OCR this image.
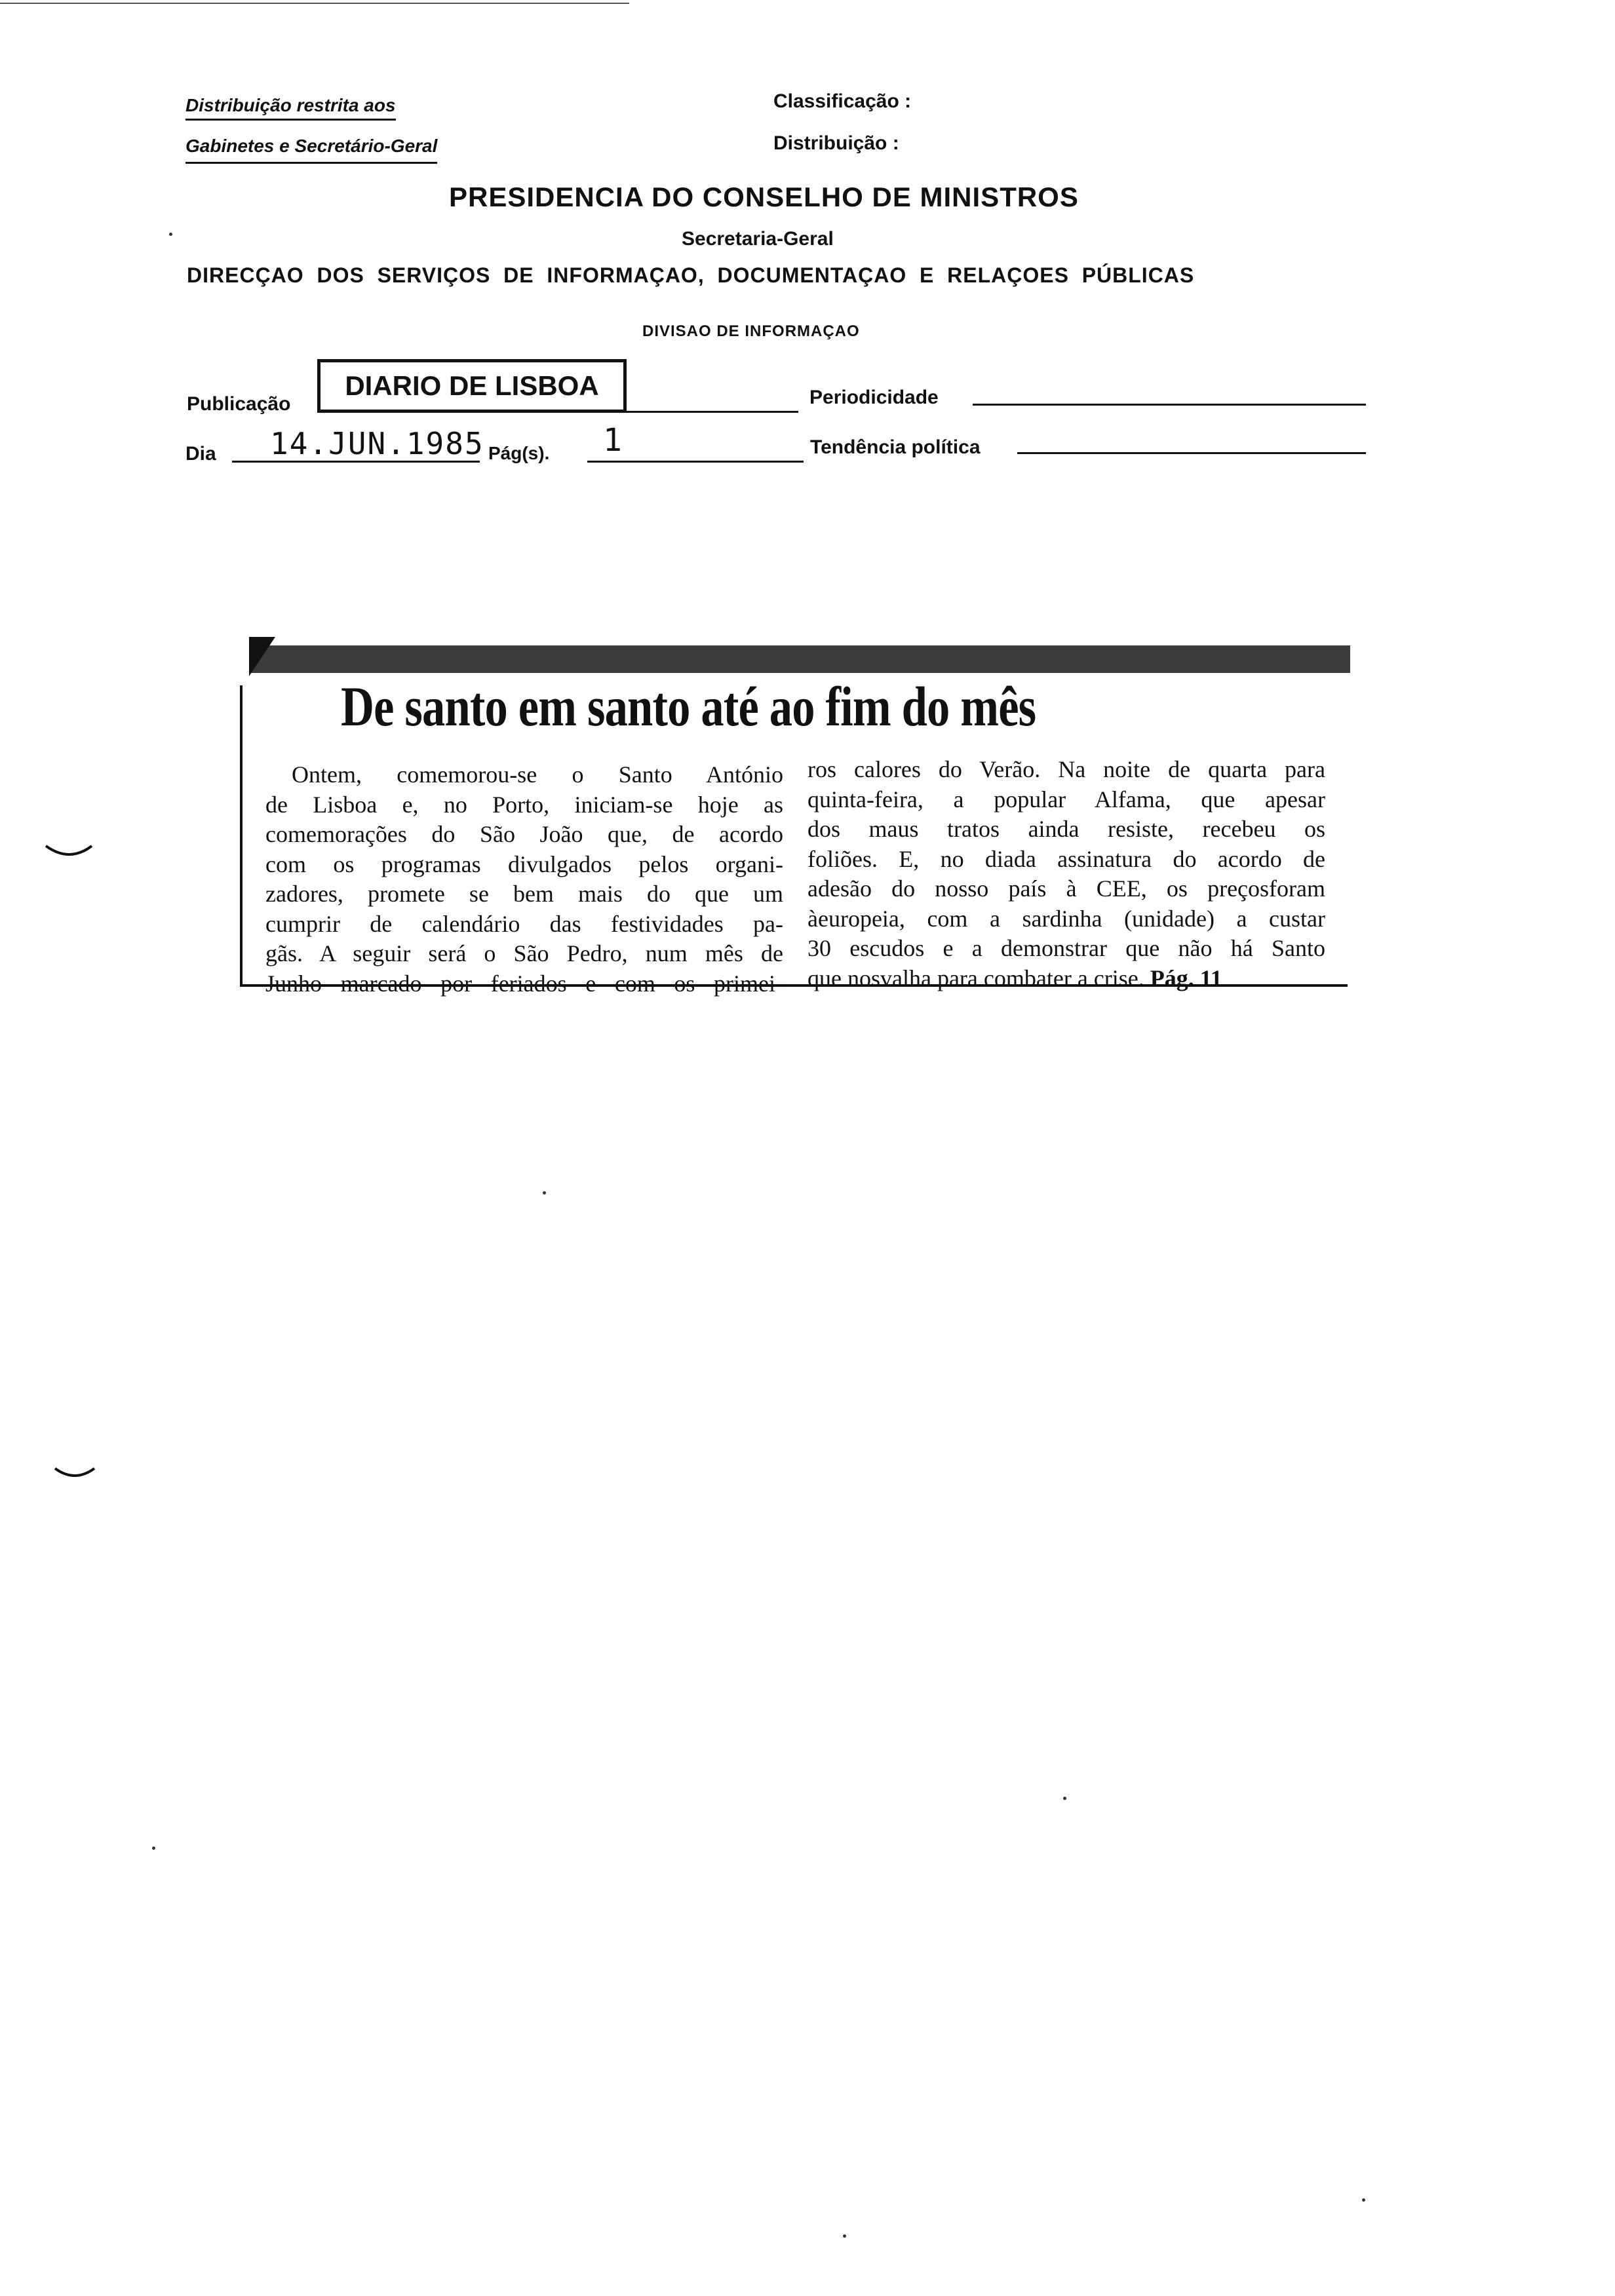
Distribuição restrita aos
Gabinetes e Secretário-Geral
Classificação :
Distribuição :
PRESIDENCIA DO CONSELHO DE MINISTROS
Secretaria-Geral
DIRECÇAO  DOS  SERVIÇOS  DE  INFORMAÇAO,  DOCUMENTAÇAO  E  RELAÇOES  PÚBLICAS
DIVISAO DE INFORMAÇAO
Publicação
DIARIO DE LISBOA	Periodicidade
Dia 14.JUN.1985 Pág(s). 1	Tendência política
De santo em santo até ao fim do mês
Ontem, comemorou-se o Santo António
de Lisboa e, no Porto, iniciam-se hoje as
comemorações do São João que, de acordo
com os programas divulgados pelos organi-
zadores, promete se bem mais do que um
cumprir de calendário das festividades pa-
gãs. A seguir será o São Pedro, num mês de
Junho marcado por feriados e com os primei-
ros calores do Verão. Na noite de quarta para
quinta-feira, a popular Alfama, que apesar
dos maus tratos ainda resiste, recebeu os
foliões. E, no diada assinatura do acordo de
adesão do nosso país à CEE, os preçosforam
àeuropeia, com a sardinha (unidade) a custar
30 escudos e a demonstrar que não há Santo
que nosvalha para combater a crise. Pág. 11
